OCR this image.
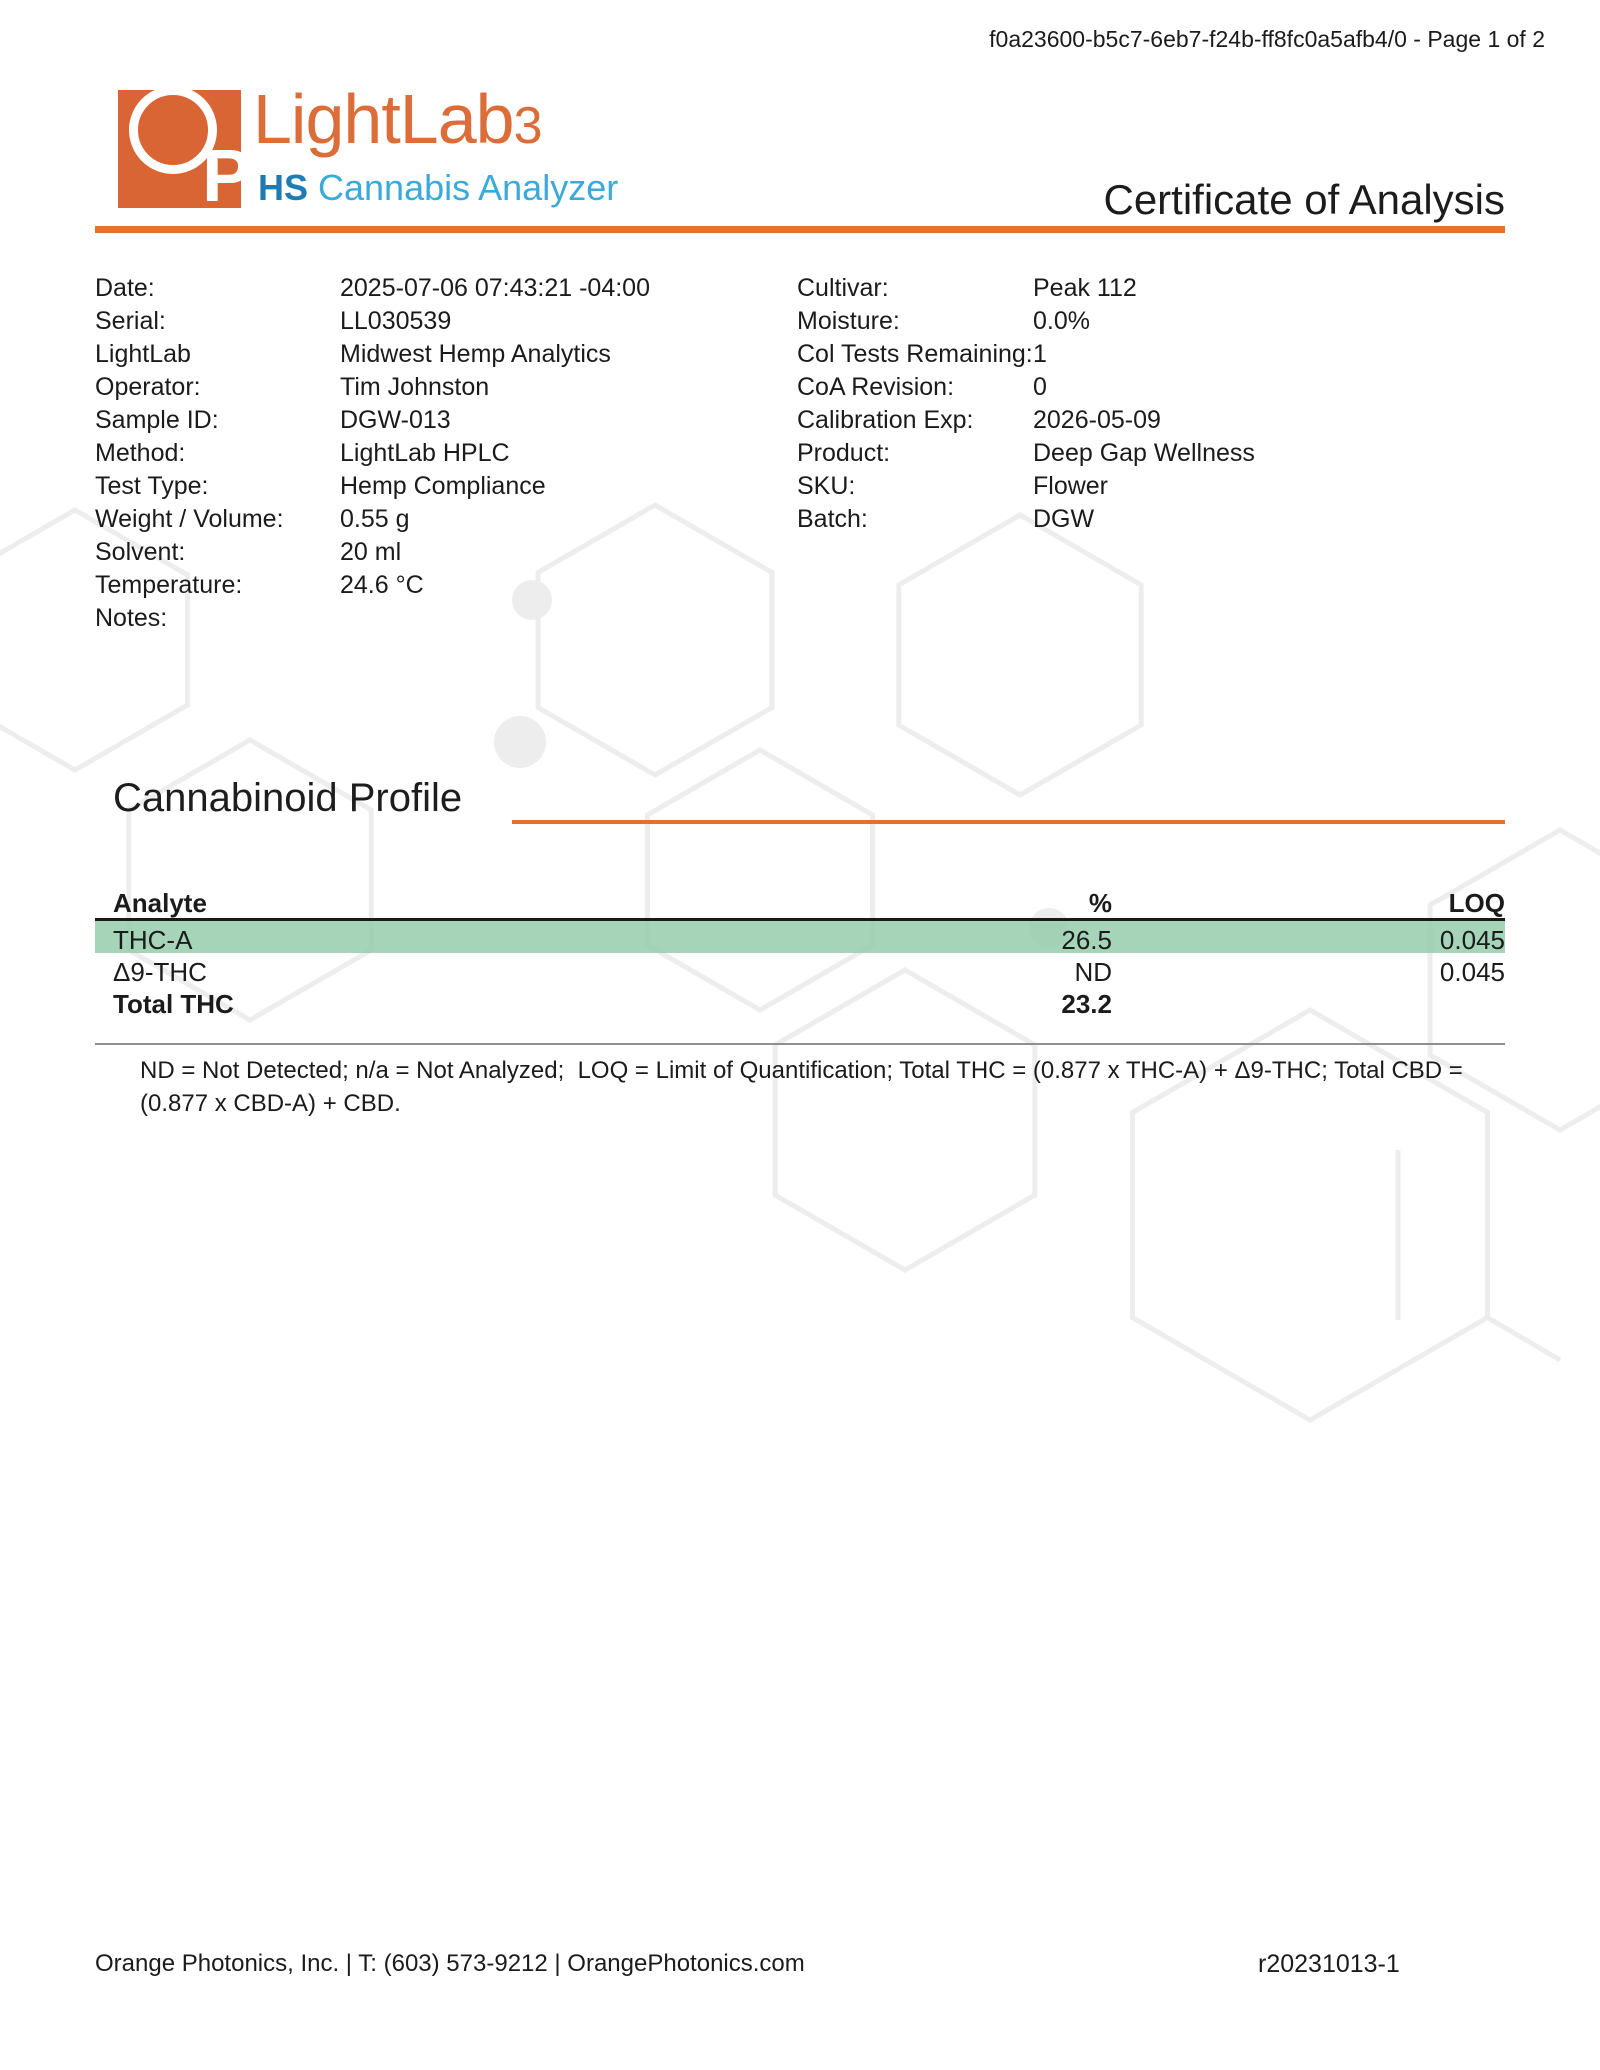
f0a23600-b5c7-6eb7-f24b-ff8fc0a5afb4/0 - Page 1 of 2
P
LightLab3
HS Cannabis Analyzer	Certificate of Analysis
Date:	2025-07-06 07:43:21 -04:00
Serial:	LL030539
LightLab	Midwest Hemp Analytics
Operator:	Tim Johnston
Sample ID:	DGW-013
Method:	LightLab HPLC
Test Type:	Hemp Compliance
Weight / Volume:	0.55 g
Solvent:	20 ml
Temperature:	24.6 °C
Notes:
Cultivar:	Peak 112
Moisture:	0.0%
Col Tests Remaining: 1
CoA Revision:	0
Calibration Exp:	2026-05-09
Product:	Deep Gap Wellness
SKU:	Flower
Batch:	DGW
Cannabinoid Profile
Analyte	%	LOQ
THC-A	26.5	0.045
Δ9-THC	ND	0.045
Total THC	23.2
ND = Not Detected; n/a = Not Analyzed;  LOQ = Limit of Quantification; Total THC = (0.877 x THC-A) + Δ9-THC; Total CBD =
(0.877 x CBD-A) + CBD.
Orange Photonics, Inc. | T: (603) 573-9212 | OrangePhotonics.com	r20231013-1
